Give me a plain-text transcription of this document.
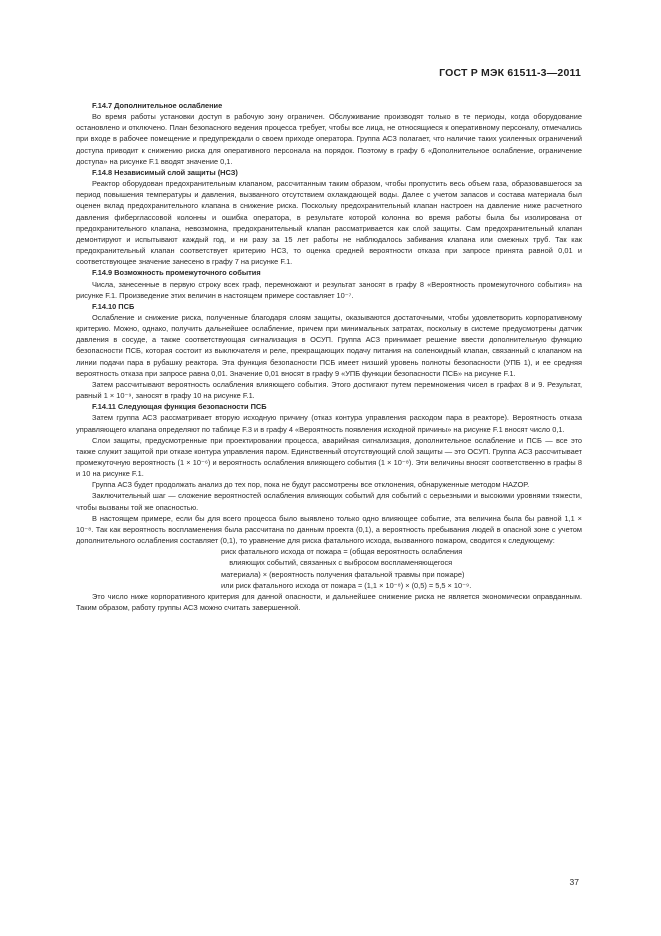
ГОСТ Р МЭК 61511-3—2011

F.14.7 Дополнительное ослабление

Во время работы установки доступ в рабочую зону ограничен. Обслуживание производят только в те периоды, когда оборудование остановлено и отключено. План безопасного ведения процесса требует, чтобы все лица, не относящиеся к оперативному персоналу, отмечались при входе в рабочее помещение и предупреждали о своем приходе оператора. Группа АСЗ полагает, что наличие таких усиленных ограничений доступа приводит к снижению риска для оперативного персонала на порядок. Поэтому в графу 6 «Дополнительное ослабление, ограничение доступа» на рисунке F.1 вводят значение 0,1.

F.14.8 Независимый слой защиты (НСЗ)

Реактор оборудован предохранительным клапаном, рассчитанным таким образом, чтобы пропустить весь объем газа, образовавшегося за период повышения температуры и давления, вызванного отсутствием охлаждающей воды. Далее с учетом запасов и состава материала был оценен вклад предохранительного клапана в снижение риска. Поскольку предохранительный клапан настроен на давление ниже расчетного давления фиберглассовой колонны и ошибка оператора, в результате которой колонна во время работы была бы изолирована от предохранительного клапана, невозможна, предохранительный клапан рассматривается как слой защиты. Сам предохранительный клапан демонтируют и испытывают каждый год, и ни разу за 15 лет работы не наблюдалось забивания клапана или смежных труб. Так как предохранительный клапан соответствует критерию НСЗ, то оценка средней вероятности отказа при запросе принята равной 0,01 и соответствующее значение занесено в графу 7 на рисунке F.1.

F.14.9 Возможность промежуточного события

Числа, занесенные в первую строку всех граф, перемножают и результат заносят в графу 8 «Вероятность промежуточного события» на рисунке F.1. Произведение этих величин в настоящем примере составляет 10⁻⁷.

F.14.10 ПСБ

Ослабление и снижение риска, полученные благодаря слоям защиты, оказываются достаточными, чтобы удовлетворить корпоративному критерию. Можно, однако, получить дальнейшее ослабление, причем при минимальных затратах, поскольку в системе предусмотрены датчик давления в сосуде, а также соответствующая сигнализация в ОСУП. Группа АСЗ принимает решение ввести дополнительную функцию безопасности ПСБ, которая состоит из выключателя и реле, прекращающих подачу питания на соленоидный клапан, связанный с клапаном на линии подачи пара в рубашку реактора. Эта функция безопасности ПСБ имеет низший уровень полноты безопасности (УПБ 1), и ее средняя вероятность отказа при запросе равна 0,01. Значение 0,01 вносят в графу 9 «УПБ функции безопасности ПСБ» на рисунке F.1.

Затем рассчитывают вероятность ослабления влияющего события. Этого достигают путем перемножения чисел в графах 8 и 9. Результат, равный 1 × 10⁻⁹, заносят в графу 10 на рисунке F.1.

F.14.11 Следующая функция безопасности ПСБ

Затем группа АСЗ рассматривает вторую исходную причину (отказ контура управления расходом пара в реакторе). Вероятность отказа управляющего клапана определяют по таблице F.3 и в графу 4 «Вероятность появления исходной причины» на рисунке F.1 вносят число 0,1.

Слои защиты, предусмотренные при проектировании процесса, аварийная сигнализация, дополнительное ослабление и ПСБ — все это также служит защитой при отказе контура управления паром. Единственный отсутствующий слой защиты — это ОСУП. Группа АСЗ рассчитывает промежуточную вероятность (1 × 10⁻⁶) и вероятность ослабления влияющего события (1 × 10⁻⁸). Эти величины вносят соответственно в графы 8 и 10 на рисунке F.1.

Группа АСЗ будет продолжать анализ до тех пор, пока не будут рассмотрены все отклонения, обнаруженные методом HAZOP.

Заключительный шаг — сложение вероятностей ослабления влияющих событий для событий с серьезными и высокими уровнями тяжести, чтобы вызваны той же опасностью.

В настоящем примере, если бы для всего процесса было выявлено только одно влияющее событие, эта величина была бы равной 1,1 × 10⁻⁸. Так как вероятность воспламенения была рассчитана по данным проекта (0,1), а вероятность пребывания людей в опасной зоне с учетом дополнительного ослабления составляет (0,1), то уравнение для риска фатального исхода, вызванного пожаром, сводится к следующему:

риск фатального исхода от пожара = (общая вероятность ослабления
влияющих событий, связанных с выбросом воспламеняющегося
материала) × (вероятность получения фатальной травмы при пожаре)
или риск фатального исхода от пожара = (1,1 × 10⁻⁸) × (0,5) = 5,5 × 10⁻⁹.

Это число ниже корпоративного критерия для данной опасности, и дальнейшее снижение риска не является экономически оправданным. Таким образом, работу группы АСЗ можно считать завершенной.

37
